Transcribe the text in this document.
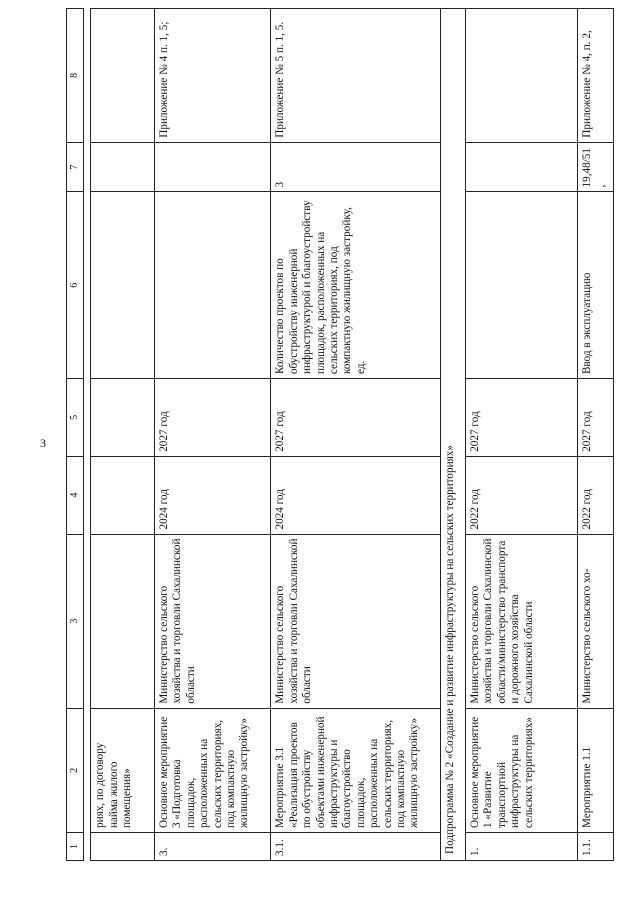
3
1	2	3	4	5	6	7	8

	риях, по договору найма жилого помещения»						
3.	Основное мероприятие 3 «Подготовка площадок, расположенных на сельских территориях, под компактную жилищную застройку»	Министерство сельского хозяйства и торговли Сахалинской области	2024 год	2027 год			Приложение № 4 п. 1, 5;
3.1.	Мероприятие 3.1 «Реализация проектов по обустройству объектами инженерной инфраструктуры и благоустройство площадок, расположенных на сельских территориях, под компактную жилищную застройку»	Министерство сельского хозяйства и торговли Сахалинской области	2024 год	2027 год	Количество проектов по обустройству инженерной инфраструктурой и благоустройству площадок, расположенных на сельских территориях, под компактную жилищную застройку, ед.	3	Приложение № 5 п. 1, 5.
Подпрограмма № 2 «Создание и развитие инфраструктуры на сельских территориях»							
1.	Основное мероприятие 1 «Развитие транспортной инфраструктуры на сельских территориях»	Министерство сельского хозяйства и торговли Сахалинской области/министерство транспорта и дорожного хозяйства Сахалинской области	2022 год	2027 год			
1.1.	Мероприятие 1.1	Министерство сельского хо-	2022 год	2027 год	Ввод в эксплуатацию	19,48/51,	Приложение № 4, п. 2,
